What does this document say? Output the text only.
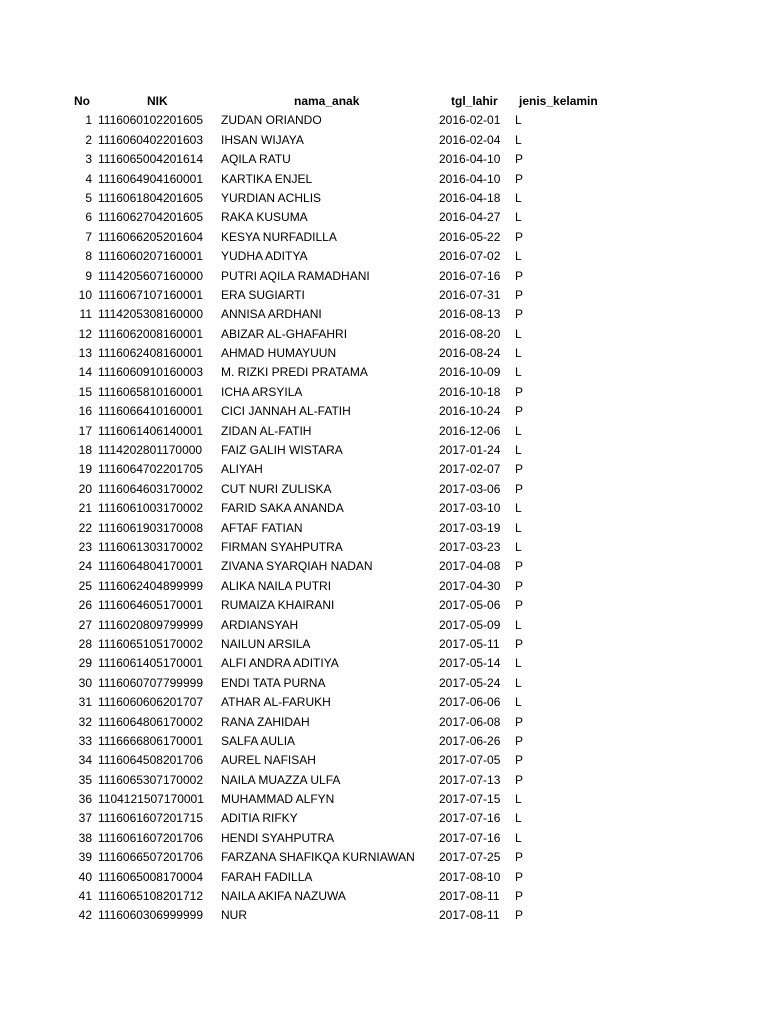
No	NIK	nama_anak	tgl_lahir	jenis_kelamin
1 1116060102201605	ZUDAN ORIANDO	2016-02-01	L
2 1116060402201603	IHSAN WIJAYA	2016-02-04	L
3 1116065004201614	AQILA RATU	2016-04-10	P
4 1116064904160001	KARTIKA ENJEL	2016-04-10	P
5 1116061804201605	YURDIAN ACHLIS	2016-04-18	L
6 1116062704201605	RAKA KUSUMA	2016-04-27	L
7 1116066205201604	KESYA NURFADILLA	2016-05-22	P
8 1116060207160001	YUDHA ADITYA	2016-07-02	L
9 1114205607160000	PUTRI AQILA RAMADHANI	2016-07-16	P
10 1116067107160001	ERA SUGIARTI	2016-07-31	P
11 1114205308160000	ANNISA ARDHANI	2016-08-13	P
12 1116062008160001	ABIZAR AL-GHAFAHRI	2016-08-20	L
13 1116062408160001	AHMAD HUMAYUUN	2016-08-24	L
14 1116060910160003	M. RIZKI PREDI PRATAMA	2016-10-09	L
15 1116065810160001	ICHA ARSYILA	2016-10-18	P
16 1116066410160001	CICI JANNAH AL-FATIH	2016-10-24	P
17 1116061406140001	ZIDAN AL-FATIH	2016-12-06	L
18 1114202801170000	FAIZ GALIH WISTARA	2017-01-24	L
19 1116064702201705	ALIYAH	2017-02-07	P
20 1116064603170002	CUT NURI ZULISKA	2017-03-06	P
21 1116061003170002	FARID SAKA ANANDA	2017-03-10	L
22 1116061903170008	AFTAF FATIAN	2017-03-19	L
23 1116061303170002	FIRMAN SYAHPUTRA	2017-03-23	L
24 1116064804170001	ZIVANA SYARQIAH NADAN	2017-04-08	P
25 1116062404899999	ALIKA NAILA PUTRI	2017-04-30	P
26 1116064605170001	RUMAIZA KHAIRANI	2017-05-06	P
27 1116020809799999	ARDIANSYAH	2017-05-09	L
28 1116065105170002	NAILUN ARSILA	2017-05-11	P
29 1116061405170001	ALFI ANDRA ADITIYA	2017-05-14	L
30 1116060707799999	ENDI TATA PURNA	2017-05-24	L
31 1116060606201707	ATHAR AL-FARUKH	2017-06-06	L
32 1116064806170002	RANA ZAHIDAH	2017-06-08	P
33 1116666806170001	SALFA AULIA	2017-06-26	P
34 1116064508201706	AUREL NAFISAH	2017-07-05	P
35 1116065307170002	NAILA MUAZZA ULFA	2017-07-13	P
36 1104121507170001	MUHAMMAD ALFYN	2017-07-15	L
37 1116061607201715	ADITIA RIFKY	2017-07-16	L
38 1116061607201706	HENDI SYAHPUTRA	2017-07-16	L
39 1116066507201706	FARZANA SHAFIKQA KURNIAWAN	2017-07-25	P
40 1116065008170004	FARAH FADILLA	2017-08-10	P
41 1116065108201712	NAILA AKIFA NAZUWA	2017-08-11	P
42 1116060306999999	NUR	2017-08-11	P
